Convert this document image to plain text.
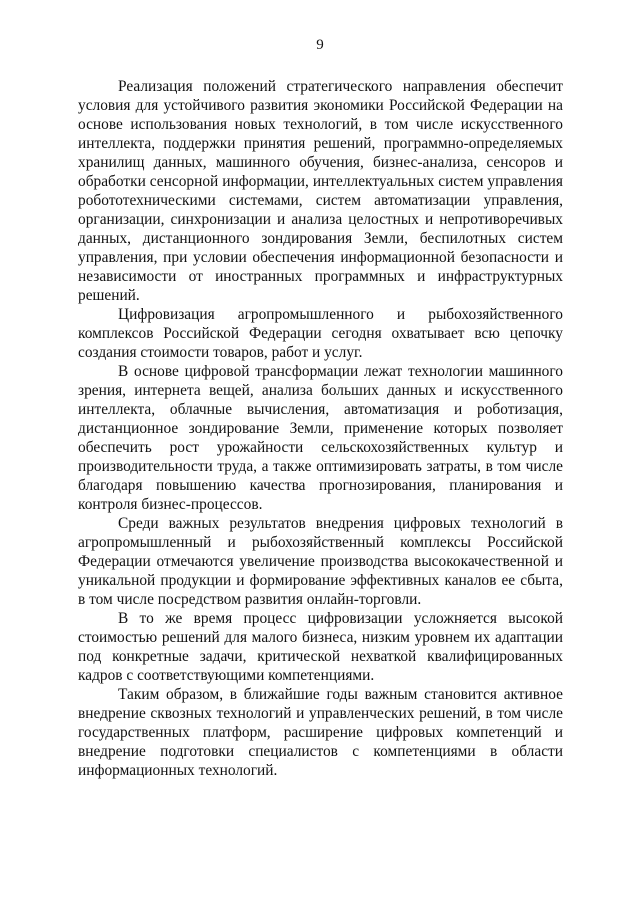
9

Реализация положений стратегического направления обеспечит условия для устойчивого развития экономики Российской Федерации на основе использования новых технологий, в том числе искусственного интеллекта, поддержки принятия решений, программно-определяемых хранилищ данных, машинного обучения, бизнес-анализа, сенсоров и обработки сенсорной информации, интеллектуальных систем управления робототехническими системами, систем автоматизации управления, организации, синхронизации и анализа целостных и непротиворечивых данных, дистанционного зондирования Земли, беспилотных систем управления, при условии обеспечения информационной безопасности и независимости от иностранных программных и инфраструктурных решений.

Цифровизация агропромышленного и рыбохозяйственного комплексов Российской Федерации сегодня охватывает всю цепочку создания стоимости товаров, работ и услуг.

В основе цифровой трансформации лежат технологии машинного зрения, интернета вещей, анализа больших данных и искусственного интеллекта, облачные вычисления, автоматизация и роботизация, дистанционное зондирование Земли, применение которых позволяет обеспечить рост урожайности сельскохозяйственных культур и производительности труда, а также оптимизировать затраты, в том числе благодаря повышению качества прогнозирования, планирования и контроля бизнес-процессов.

Среди важных результатов внедрения цифровых технологий в агропромышленный и рыбохозяйственный комплексы Российской Федерации отмечаются увеличение производства высококачественной и уникальной продукции и формирование эффективных каналов ее сбыта, в том числе посредством развития онлайн-торговли.

В то же время процесс цифровизации усложняется высокой стоимостью решений для малого бизнеса, низким уровнем их адаптации под конкретные задачи, критической нехваткой квалифицированных кадров с соответствующими компетенциями.

Таким образом, в ближайшие годы важным становится активное внедрение сквозных технологий и управленческих решений, в том числе государственных платформ, расширение цифровых компетенций и внедрение подготовки специалистов с компетенциями в области информационных технологий.
